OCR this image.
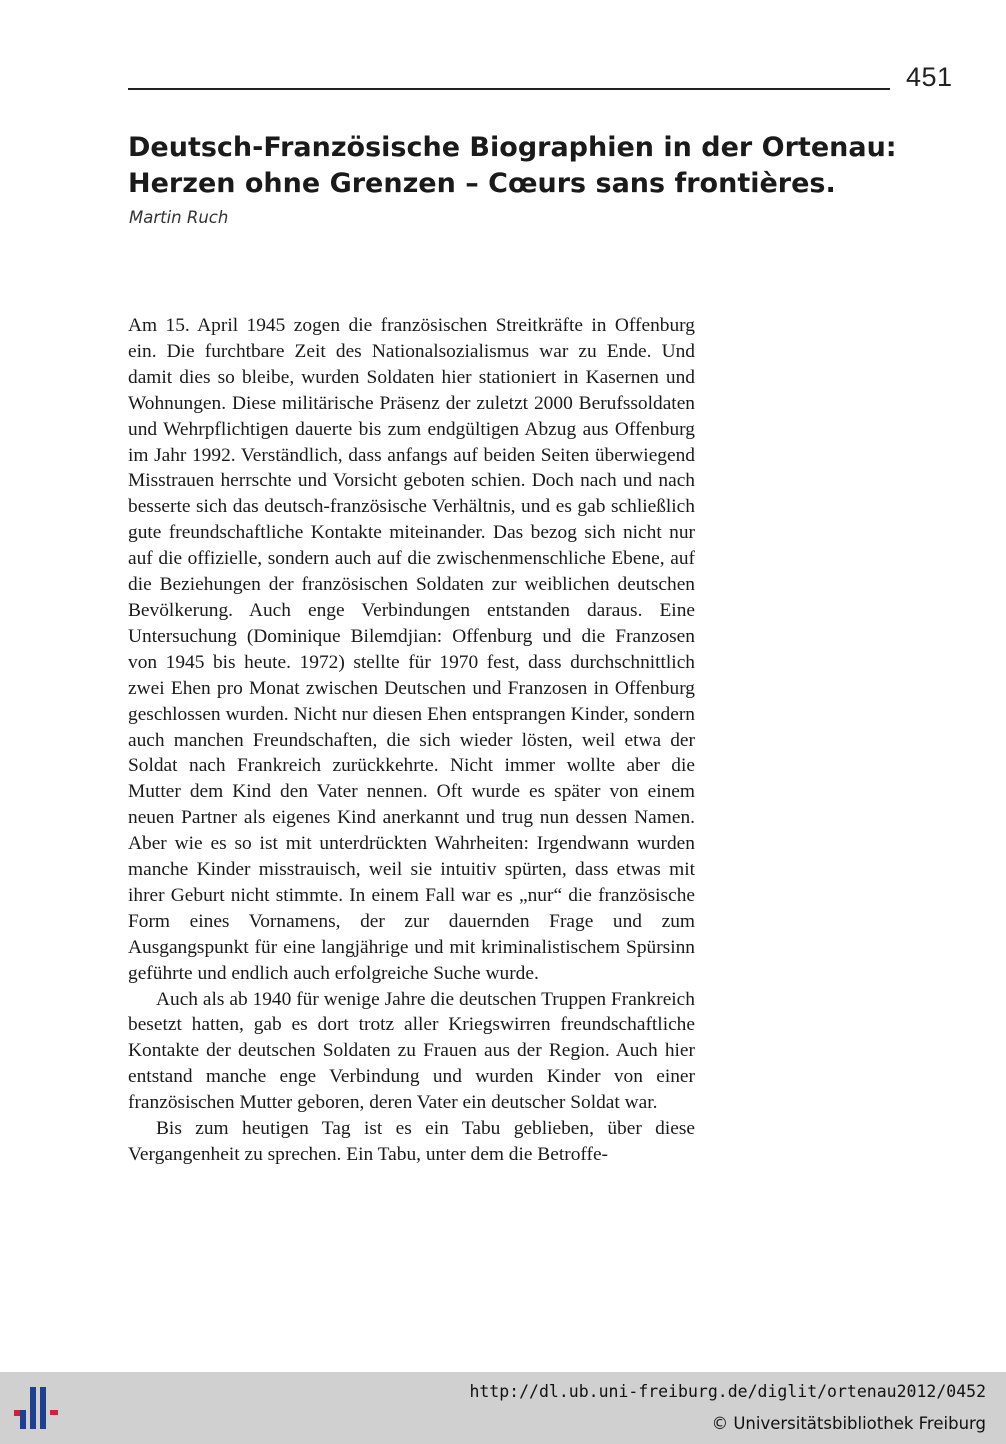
451
Deutsch-Französische Biographien in der Ortenau:
Herzen ohne Grenzen – Cœurs sans frontières.
Martin Ruch

Am 15. April 1945 zogen die französischen Streitkräfte in Offenburg ein. Die furchtbare Zeit des Nationalsozialismus war zu Ende. Und damit dies so bleibe, wurden Soldaten hier stationiert in Kasernen und Wohnungen. Diese militärische Präsenz der zuletzt 2000 Berufssoldaten und Wehrpflichtigen dauerte bis zum endgültigen Abzug aus Offenburg im Jahr 1992. Verständlich, dass anfangs auf beiden Seiten überwiegend Misstrauen herrschte und Vorsicht geboten schien. Doch nach und nach besserte sich das deutsch-französische Verhältnis, und es gab schließlich gute freundschaftliche Kontakte miteinander. Das bezog sich nicht nur auf die offizielle, sondern auch auf die zwischenmenschliche Ebene, auf die Beziehungen der französischen Soldaten zur weiblichen deutschen Bevölkerung. Auch enge Verbindungen entstanden daraus. Eine Untersuchung (Dominique Bilemdjian: Offenburg und die Franzosen von 1945 bis heute. 1972) stellte für 1970 fest, dass durchschnittlich zwei Ehen pro Monat zwischen Deutschen und Franzosen in Offenburg geschlossen wurden. Nicht nur diesen Ehen entsprangen Kinder, sondern auch manchen Freundschaften, die sich wieder lösten, weil etwa der Soldat nach Frankreich zurückkehrte. Nicht immer wollte aber die Mutter dem Kind den Vater nennen. Oft wurde es später von einem neuen Partner als eigenes Kind anerkannt und trug nun dessen Namen. Aber wie es so ist mit unterdrückten Wahrheiten: Irgendwann wurden manche Kinder misstrauisch, weil sie intuitiv spürten, dass etwas mit ihrer Geburt nicht stimmte. In einem Fall war es „nur“ die französische Form eines Vornamens, der zur dauernden Frage und zum Ausgangspunkt für eine langjährige und mit kriminalistischem Spürsinn geführte und endlich auch erfolgreiche Suche wurde.

Auch als ab 1940 für wenige Jahre die deutschen Truppen Frankreich besetzt hatten, gab es dort trotz aller Kriegswirren freundschaftliche Kontakte der deutschen Soldaten zu Frauen aus der Region. Auch hier entstand manche enge Verbindung und wurden Kinder von einer französischen Mutter geboren, deren Vater ein deutscher Soldat war.

Bis zum heutigen Tag ist es ein Tabu geblieben, über diese Vergangenheit zu sprechen. Ein Tabu, unter dem die Betroffe-

http://dl.ub.uni-freiburg.de/diglit/ortenau2012/0452
© Universitätsbibliothek Freiburg
